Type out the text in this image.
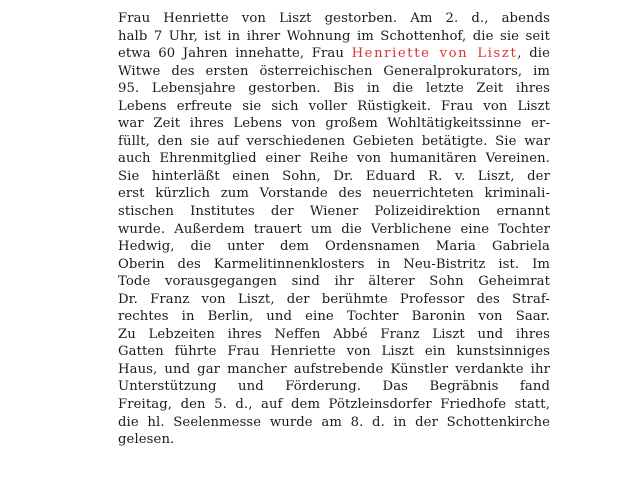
Frau Henriette von Liszt gestorben. Am 2. d., abends
halb 7 Uhr, ist in ihrer Wohnung im Schottenhof, die sie seit
etwa 60 Jahren innehatte, Frau Henriette von Liszt, die
Witwe des ersten österreichischen Generalprokurators, im
95. Lebensjahre gestorben. Bis in die letzte Zeit ihres
Lebens erfreute sie sich voller Rüstigkeit. Frau von Liszt
war Zeit ihres Lebens von großem Wohltätigkeitssinne er-
füllt, den sie auf verschiedenen Gebieten betätigte. Sie war
auch Ehrenmitglied einer Reihe von humanitären Vereinen.
Sie hinterläßt einen Sohn, Dr. Eduard R. v. Liszt, der
erst kürzlich zum Vorstande des neuerrichteten kriminali-
stischen Institutes der Wiener Polizeidirektion ernannt
wurde. Außerdem trauert um die Verblichene eine Tochter
Hedwig, die unter dem Ordensnamen Maria Gabriela
Oberin des Karmelitinnenklosters in Neu-Bistritz ist. Im
Tode vorausgegangen sind ihr älterer Sohn Geheimrat
Dr. Franz von Liszt, der berühmte Professor des Straf-
rechtes in Berlin, und eine Tochter Baronin von Saar.
Zu Lebzeiten ihres Neffen Abbé Franz Liszt und ihres
Gatten führte Frau Henriette von Liszt ein kunstsinniges
Haus, und gar mancher aufstrebende Künstler verdankte ihr
Unterstützung und Förderung. Das Begräbnis fand
Freitag, den 5. d., auf dem Pötzleinsdorfer Friedhofe statt,
die hl. Seelenmesse wurde am 8. d. in der Schottenkirche
gelesen.
